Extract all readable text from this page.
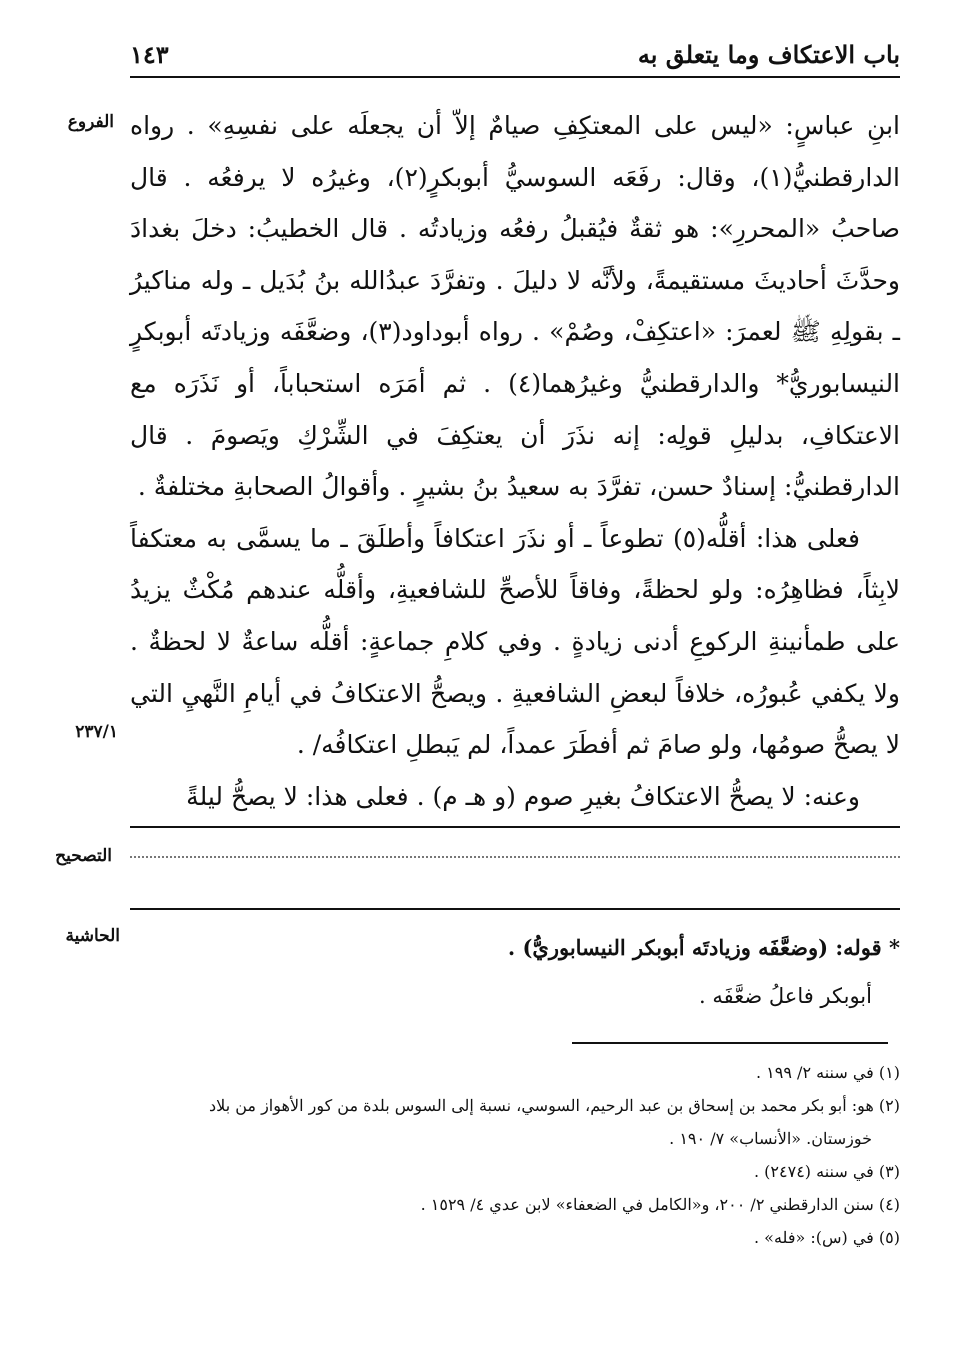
باب الاعتكاف وما يتعلق به
١٤٣
الفروع
٢٣٧/١
التصحيح
الحاشية

ابنِ عباسٍ: «ليس على المعتكِفِ صيامٌ إلاّ أن يجعلَه على نفسِهِ» . رواه الدارقطنيُّ(١)، وقال: رفَعَه السوسيُّ أبوبكرٍ(٢)، وغيرُه لا يرفعُه . قال صاحبُ «المحررِ»: هو ثقةٌ فيُقبلُ رفعُه وزيادتُه . قال الخطيبُ: دخلَ بغدادَ وحدَّثَ أحاديثَ مستقيمةً، ولأنَّه لا دليلَ . وتفرَّدَ عبدُالله بنُ بُدَيل ـ وله مناكيرُ ـ بقولِهِ ﷺ لعمرَ: «اعتكِفْ، وصُمْ» . رواه أبوداود(٣)، وضعَّفَه وزيادتَه أبوبكرٍ النيسابوريُّ* والدارقطنيُّ وغيرُهما(٤) . ثم أمَرَه استحباباً، أو نَذَرَه مع الاعتكافِ، بدليلِ قولِه: إنه نذَرَ أن يعتكِفَ في الشِّرْكِ ويَصومَ . قال الدارقطنيُّ: إسنادٌ حسن، تفرَّدَ به سعيدُ بنُ بشيرٍ . وأقوالُ الصحابةِ مختلفةٌ .

فعلى هذا: أقلُّه(٥) تطوعاً ـ أو نذَرَ اعتكافاً وأطلَقَ ـ ما يسمَّى به معتكفاً لابِثاً، فظاهِرُه: ولو لحظةً، وفاقاً للأصحِّ للشافعيةِ، وأقلُّه عندهم مُكْثٌ يزيدُ على طمأنينةِ الركوعِ أدنى زيادةٍ . وفي كلامِ جماعةٍ: أقلُّه ساعةٌ لا لحظةٌ . ولا يكفي عُبورُه، خلافاً لبعضِ الشافعيةِ . ويصحُّ الاعتكافُ في أيامِ النَّهيِ التي لا يصحُّ صومُها، ولو صامَ ثم أفطَرَ عمداً، لم يَبطلِ اعتكافُه/ .

وعنه: لا يصحُّ الاعتكافُ بغيرِ صوم (و هـ م) . فعلى هذا: لا يصحُّ ليلةً

* قوله: (وضعَّفَه وزيادتَه أبوبكر النيسابوريُّ) .
أبوبكر فاعلُ ضعَّفَه .

(١) في سننه ٢/ ١٩٩ .

(٢) هو: أبو بكر محمد بن إسحاق بن عبد الرحيم، السوسي، نسبة إلى السوس بلدة من كور الأهواز من بلاد

خوزستان. «الأنساب» ٧/ ١٩٠ .

(٣) في سننه (٢٤٧٤) .

(٤) سنن الدارقطني ٢/ ٢٠٠، و«الكامل في الضعفاء» لابن عدي ٤/ ١٥٢٩ .

(٥) في (س): «فله» .
